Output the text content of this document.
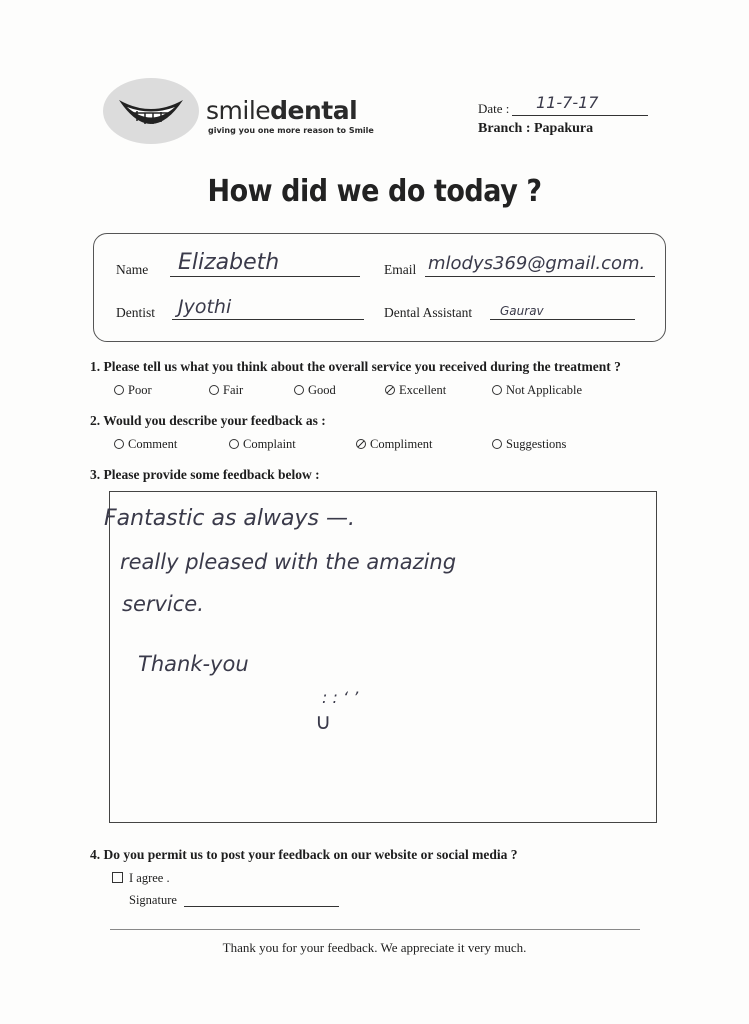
smiledental
giving you one more reason to Smile
Date : 11-7-17
Branch : Papakura
How did we do today ?
Name Elizabeth	Email mlodys369@gmail.com.
Dentist Jyothi	Dental Assistant Gaurav
1. Please tell us what you think about the overall service you received during the treatment ?
Poor	Fair	Good	Excellent	Not Applicable
2. Would you describe your feedback as :
Comment	Complaint	Compliment	Suggestions
3. Please provide some feedback below :
Fantastic as always —.
really pleased with the amazing
service.
Thank-you
: : ‘ ’
∪
4. Do you permit us to post your feedback on our website or social media ?
I agree .
Signature
Thank you for your feedback. We appreciate it very much.
